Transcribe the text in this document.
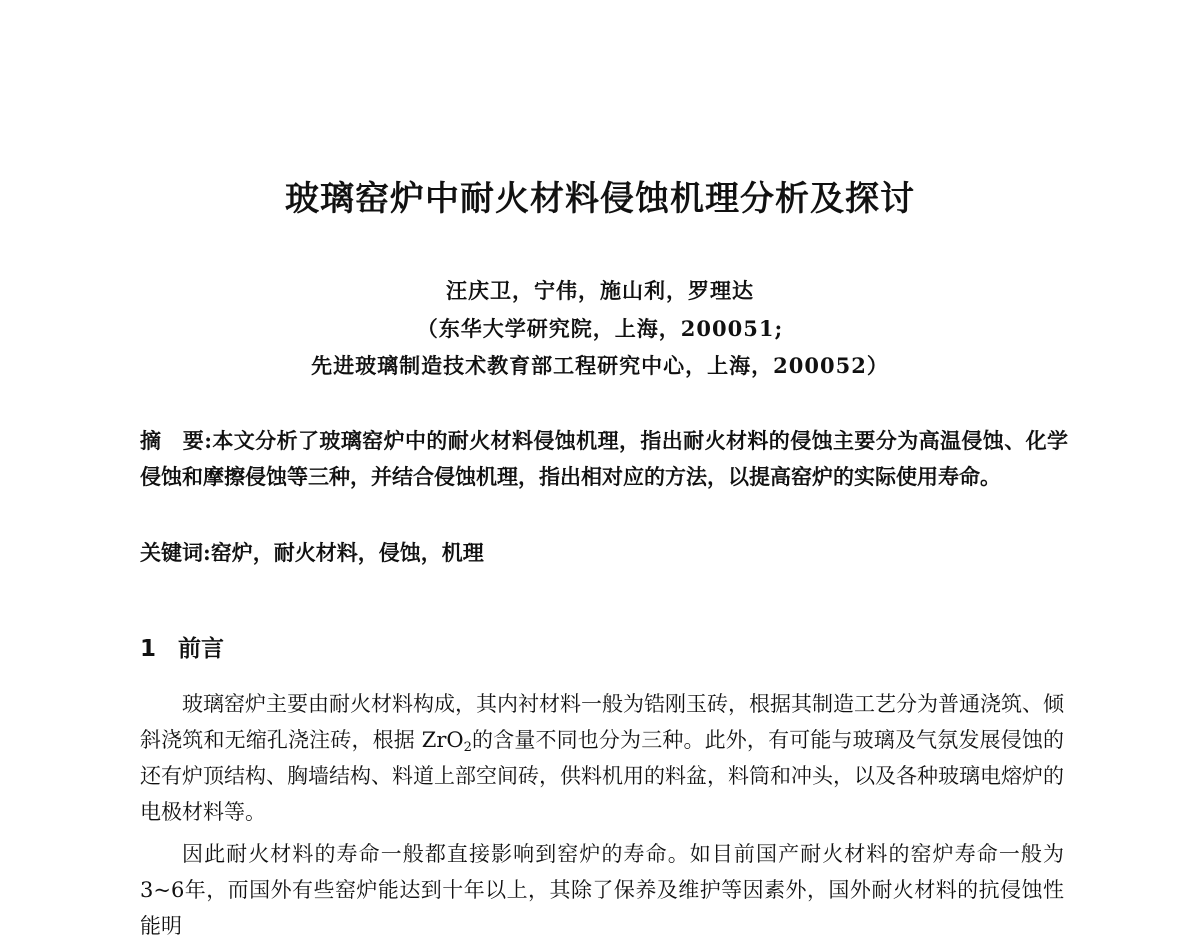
玻璃窑炉中耐火材料侵蚀机理分析及探讨

汪庆卫，宁伟，施山利，罗理达

（东华大学研究院，上海，200051;

先进玻璃制造技术教育部工程研究中心，上海，200052）

摘　要:本文分析了玻璃窑炉中的耐火材料侵蚀机理，指出耐火材料的侵蚀主要分为高温侵蚀、化学侵蚀和摩擦侵蚀等三种，并结合侵蚀机理，指出相对应的方法，以提高窑炉的实际使用寿命。

关键词:窑炉，耐火材料，侵蚀，机理

1 前言

玻璃窑炉主要由耐火材料构成，其内衬材料一般为锆刚玉砖，根据其制造工艺分为普通浇筑、倾斜浇筑和无缩孔浇注砖，根据 ZrO$_2$的含量不同也分为三种。此外，有可能与玻璃及气氛发展侵蚀的还有炉顶结构、胸墙结构、料道上部空间砖，供料机用的料盆，料筒和冲头，以及各种玻璃电熔炉的电极材料等。

因此耐火材料的寿命一般都直接影响到窑炉的寿命。如目前国产耐火材料的窑炉寿命一般为3~6年，而国外有些窑炉能达到十年以上，其除了保养及维护等因素外，国外耐火材料的抗侵蚀性能明
